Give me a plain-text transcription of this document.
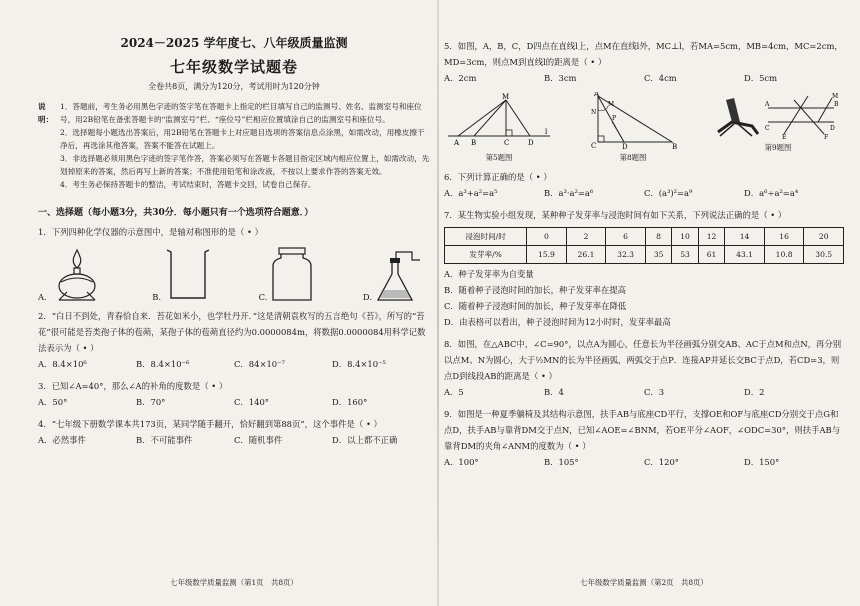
2024－2025 学年度七、八年级质量监测
七年级数学试题卷
全卷共8页，满分为120分，考试用时为120分钟
说明：
1．答题前，考生务必用黑色字迹的签字笔在答题卡上指定的栏目填写自己的监测号、姓名、监测室号和座位号，用2B铅笔在备张答题卡的“监测室号”栏、“座位号”栏相应位置填涂自己的监测室号和座位号。
2．选择题每小题选出答案后，用2B铅笔在答题卡上对应题目选项的答案信息点涂黑，如需改动，用橡皮擦干净后，再选涂其他答案，答案不能答在试题上。
3．非选择题必须用黑色字迹的签字笔作答，答案必须写在答题卡各题目指定区域内相应位置上，如需改动，先划掉原来的答案，然后再写上新的答案；不准使用铅笔和涂改液，不按以上要求作答的答案无效。
4．考生务必保持答题卡的整洁，考试结束时，答题卡交回，试卷自己保存。
一、选择题（每小题3分，共30分．每小题只有一个选项符合题意．）
1．下列四种化学仪器的示意图中，是轴对称图形的是（ • ）
A.	B.	C.	D.
2．“白日不到处，青春恰自来．苔花如米小，也学牡丹开．”这是清朝袁枚写的五言绝句《苔》，所写的“苔花”很可能是苔类孢子体的苞蒴，某孢子体的苞蒴直径约为0.0000084m，将数据0.0000084用科学记数法表示为（ • ）
A．8.4×10⁶	B．8.4×10⁻⁶	C．84×10⁻⁷	D．8.4×10⁻⁵
3．已知∠A=40°，那么∠A的补角的度数是（ • ）
A．50°	B．70°	C．140°	D．160°
4．“七年级下册数学课本共173页，某同学随手翻开，恰好翻到第88页”，这个事件是（ • ）
A．必然事件	B．不可能事件	C．随机事件	D．以上都不正确
七年级数学质量监测（第1页　共8页）
5．如图，A，B，C，D四点在直线l上，点M在直线l外，MC⊥l，若MA=5cm，MB=4cm，MC=2cm，MD=3cm，则点M到直线l的距离是（ • ）
A．2cm	B．3cm	C．4cm	D．5cm
M
A B	C	D
l
第5题图
A
C	D	B
P
M
N
第8题图
A	B
C	D
M
F
E
第9题图
6．下列计算正确的是（ • ）
A．a³+a²=a⁵	B．a³·a²=a⁶	C．(a³)²=a⁹	D．a⁶÷a²=a⁴
7．某生物实验小组发现，某种种子发芽率与浸泡时间有如下关系，下列说法正确的是（ • ）
浸泡时间/时	0	2	6	8	10	12	14	16	20
发芽率/%	15.9	26.1	32.3	35	53	61	43.1	10.8	30.5
A．种子发芽率为自变量
B．随着种子浸泡时间的加长，种子发芽率在提高
C．随着种子浸泡时间的加长，种子发芽率在降低
D．由表格可以看出，种子浸泡时间为12小时时，发芽率最高
8．如图，在△ABC中，∠C=90°，以点A为圆心，任意长为半径画弧分别交AB、AC于点M和点N，再分别以点M、N为圆心，大于½MN的长为半径画弧，两弧交于点P．连接AP并延长交BC于点D，若CD=3，则点D到线段AB的距离是（ • ）
A．5	B．4	C．3	D．2
9．如图是一种夏季躺椅及其结构示意图，扶手AB与底座CD平行，支撑OE和OF与底座CD分别交于点G和点D，扶手AB与靠背DM交于点N，已知∠AOE=∠BNM，若OE平分∠AOF，∠ODC=30°，则扶手AB与靠背DM的夹角∠ANM的度数为（ • ）
A．100°	B．105°	C．120°	D．150°
七年级数学质量监测（第2页　共8页）
